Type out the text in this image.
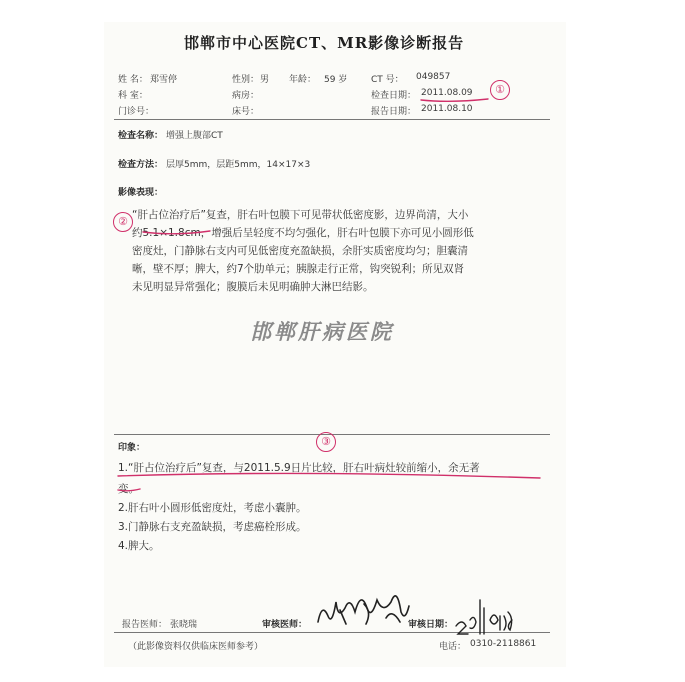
邯郸市中心医院CT、MR影像诊断报告
姓 名： 郑雪停	性别： 男 年龄： 59 岁	CT 号： 049857
科 室：	病房：	检查日期： 2011.08.09
门诊号：	床号：	报告日期： 2011.08.10
检查名称： 增强上腹部CT
检查方法： 层厚5mm，层距5mm，14×17×3
影像表现：
“肝占位治疗后”复查，肝右叶包膜下可见带状低密度影，边界尚清，大小
约5.1×1.8cm，增强后呈轻度不均匀强化，肝右叶包膜下亦可见小圆形低
密度灶，门静脉右支内可见低密度充盈缺损，余肝实质密度均匀；胆囊清
晰，壁不厚；脾大，约7个肋单元；胰腺走行正常，钩突锐利；所见双肾
未见明显异常强化；腹膜后未见明确肿大淋巴结影。
邯郸肝病医院
印象：
1.“肝占位治疗后”复查，与2011.5.9日片比较，肝右叶病灶较前缩小，余无著
变。
2.肝右叶小圆形低密度灶，考虑小囊肿。
3.门静脉右支充盈缺损，考虑癌栓形成。
4.脾大。
报告医师： 张晓瑞	审核医师：	审核日期：
（此影像资料仅供临床医师参考）	电话： 0310-2118861
①
②
③
